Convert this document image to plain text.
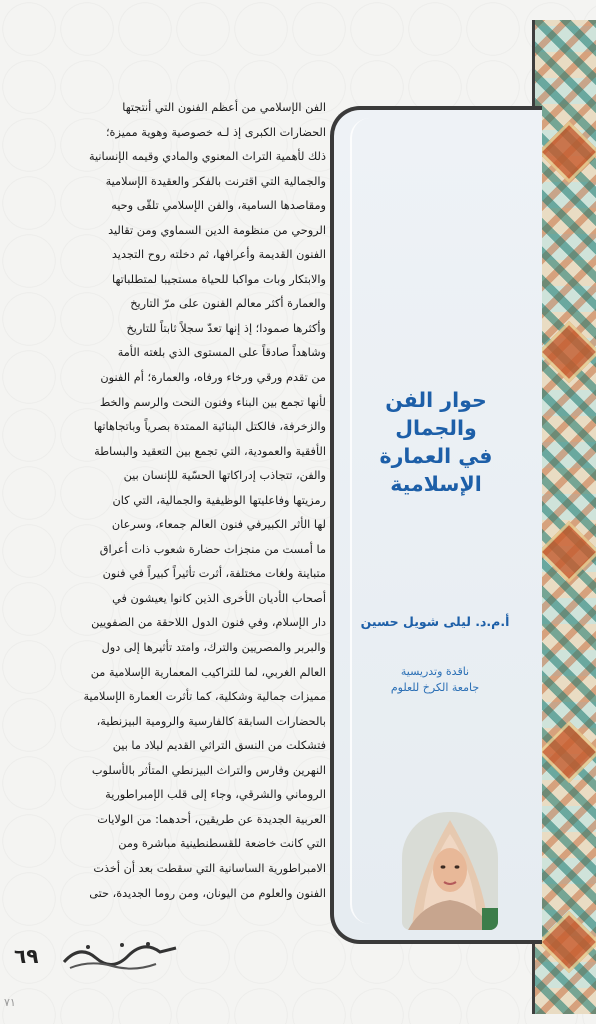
الفن الإسلامي من أعظم الفنون التي أنتجتها
الحضارات الكبرى إذ لـه خصوصية وهوية مميزة؛
ذلك لأهمية التراث المعنوي والمادي وقيمه الإنسانية
والجمالية التي اقترنت بالفكر والعقيدة الإسلامية
ومقاصدها السامية، والفن الإسلامي تلقّى وحيه
الروحي من منظومة الدين السماوي ومن تقاليد
الفنون القديمة وأعرافها، ثم دخلته روح التجديد
والابتكار وبات مواكبا للحياة مستجيبا لمتطلباتها
والعمارة أكثر معالم الفنون على مرّ التاريخ
وأكثرها صمودا؛ إذ إنها تعدّ سجلاً ثابتاً للتاريخ
وشاهداً صادقاً على المستوى الذي بلغته الأمة
من تقدم ورقي ورخاء ورفاه، والعمارة؛ أم الفنون
لأنها تجمع بين البناء وفنون النحت والرسم والخط
والزخرفة، فالكتل البنائية الممتدة بصرياً وباتجاهاتها
الأفقية والعمودية، التي تجمع بين التعقيد والبساطة
والفن، تتجاذب إدراكاتها الحسّية للإنسان بين
رمزيتها وفاعليتها الوظيفية والجمالية، التي كان
لها الأثر الكبيرفي فنون العالم جمعاء، وسرعان
ما أمست من منجزات حضارة شعوب ذات أعراق
متباينة ولغات مختلفة، أثرت تأثيراً كبيراً في فنون
أصحاب الأديان الأخرى الذين كانوا يعيشون في
دار الإسلام، وفي فنون الدول اللاحقة من الصفويين
والبربر والمصريين والترك، وامتد تأثيرها إلى دول
العالم الغربي، لما للتراكيب المعمارية الإسلامية من
مميزات جمالية وشكلية، كما تأثرت العمارة الإسلامية
بالحضارات السابقة كالفارسية والرومية البيزنطية،
فتشكلت من النسق التراثي القديم لبلاد ما بين
النهرين وفارس والتراث البيزنطي المتأثر بالأسلوب
الروماني والشرقي، وجاء إلى قلب الإمبراطورية
العربية الجديدة عن طريقين، أحدهما: من الولايات
التي كانت خاضعة للقسطنطينية مباشرة ومن
الامبراطورية الساسانية التي سقطت بعد أن أخذت
الفنون والعلوم من اليونان، ومن روما الجديدة، حتى
حوار الفن والجمال
في العمارة
الإسلامية
أ.م.د. ليلى شويل حسين
ناقدة وتدريسية
جامعة الكرخ للعلوم
٦٩
٧١
